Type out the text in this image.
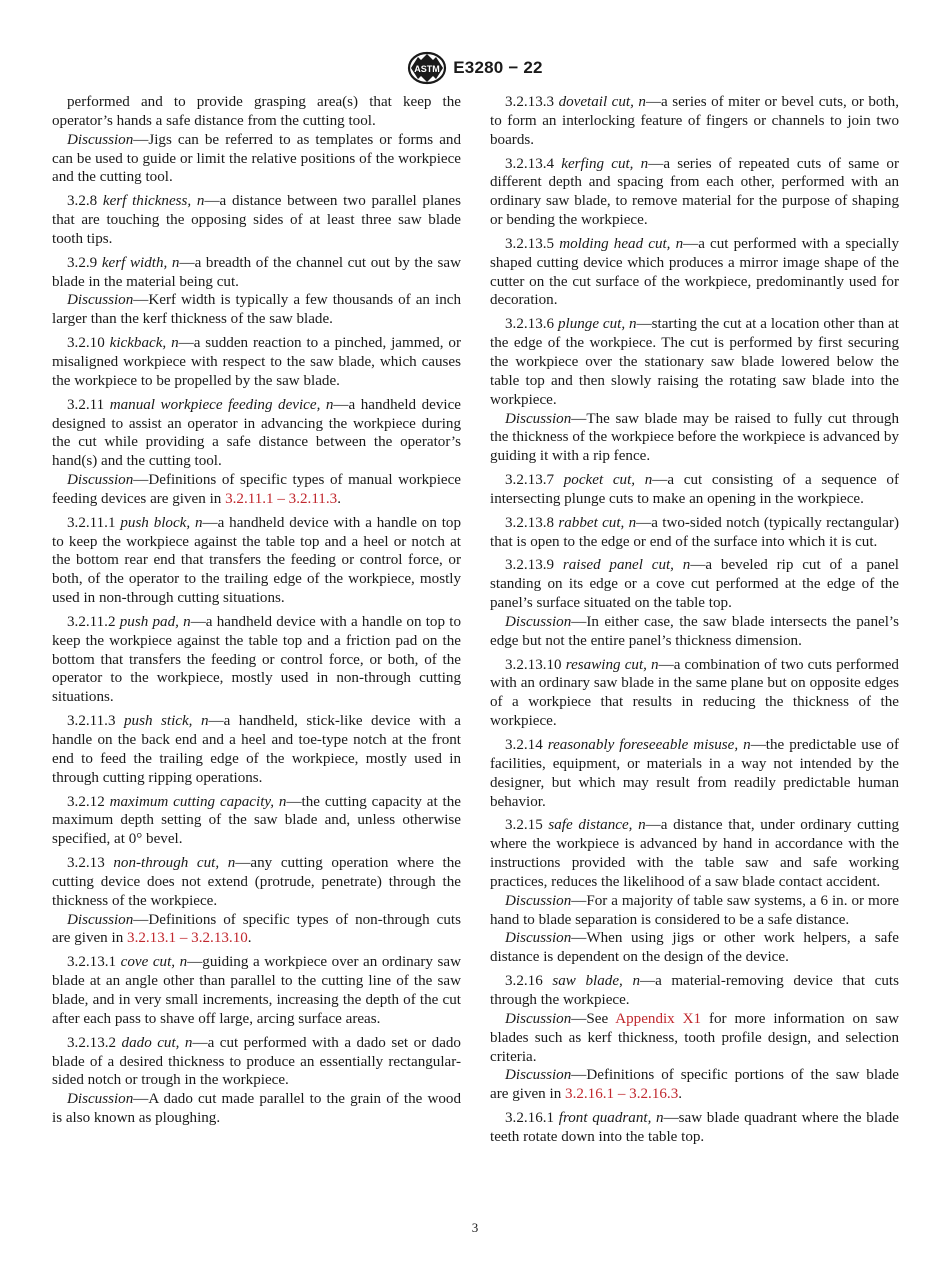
ASTM E3280 − 22

performed and to provide grasping area(s) that keep the operator’s hands a safe distance from the cutting tool.

Discussion—Jigs can be referred to as templates or forms and can be used to guide or limit the relative positions of the workpiece and the cutting tool.

3.2.8 kerf thickness, n—a distance between two parallel planes that are touching the opposing sides of at least three saw blade tooth tips.

3.2.9 kerf width, n—a breadth of the channel cut out by the saw blade in the material being cut.

Discussion—Kerf width is typically a few thousands of an inch larger than the kerf thickness of the saw blade.

3.2.10 kickback, n—a sudden reaction to a pinched, jammed, or misaligned workpiece with respect to the saw blade, which causes the workpiece to be propelled by the saw blade.

3.2.11 manual workpiece feeding device, n—a handheld device designed to assist an operator in advancing the workpiece during the cut while providing a safe distance between the operator’s hand(s) and the cutting tool.

Discussion—Definitions of specific types of manual workpiece feeding devices are given in 3.2.11.1 – 3.2.11.3.

3.2.11.1 push block, n—a handheld device with a handle on top to keep the workpiece against the table top and a heel or notch at the bottom rear end that transfers the feeding or control force, or both, of the operator to the trailing edge of the workpiece, mostly used in non-through cutting situations.

3.2.11.2 push pad, n—a handheld device with a handle on top to keep the workpiece against the table top and a friction pad on the bottom that transfers the feeding or control force, or both, of the operator to the workpiece, mostly used in non-through cutting situations.

3.2.11.3 push stick, n—a handheld, stick-like device with a handle on the back end and a heel and toe-type notch at the front end to feed the trailing edge of the workpiece, mostly used in through cutting ripping operations.

3.2.12 maximum cutting capacity, n—the cutting capacity at the maximum depth setting of the saw blade and, unless otherwise specified, at 0° bevel.

3.2.13 non-through cut, n—any cutting operation where the cutting device does not extend (protrude, penetrate) through the thickness of the workpiece.

Discussion—Definitions of specific types of non-through cuts are given in 3.2.13.1 – 3.2.13.10.

3.2.13.1 cove cut, n—guiding a workpiece over an ordinary saw blade at an angle other than parallel to the cutting line of the saw blade, and in very small increments, increasing the depth of the cut after each pass to shave off large, arcing surface areas.

3.2.13.2 dado cut, n—a cut performed with a dado set or dado blade of a desired thickness to produce an essentially rectangular-sided notch or trough in the workpiece.

Discussion—A dado cut made parallel to the grain of the wood is also known as ploughing.

3.2.13.3 dovetail cut, n—a series of miter or bevel cuts, or both, to form an interlocking feature of fingers or channels to join two boards.

3.2.13.4 kerfing cut, n—a series of repeated cuts of same or different depth and spacing from each other, performed with an ordinary saw blade, to remove material for the purpose of shaping or bending the workpiece.

3.2.13.5 molding head cut, n—a cut performed with a specially shaped cutting device which produces a mirror image shape of the cutter on the cut surface of the workpiece, predominantly used for decoration.

3.2.13.6 plunge cut, n—starting the cut at a location other than at the edge of the workpiece. The cut is performed by first securing the workpiece over the stationary saw blade lowered below the table top and then slowly raising the rotating saw blade into the workpiece.

Discussion—The saw blade may be raised to fully cut through the thickness of the workpiece before the workpiece is advanced by guiding it with a rip fence.

3.2.13.7 pocket cut, n—a cut consisting of a sequence of intersecting plunge cuts to make an opening in the workpiece.

3.2.13.8 rabbet cut, n—a two-sided notch (typically rectangular) that is open to the edge or end of the surface into which it is cut.

3.2.13.9 raised panel cut, n—a beveled rip cut of a panel standing on its edge or a cove cut performed at the edge of the panel’s surface situated on the table top.

Discussion—In either case, the saw blade intersects the panel’s edge but not the entire panel’s thickness dimension.

3.2.13.10 resawing cut, n—a combination of two cuts performed with an ordinary saw blade in the same plane but on opposite edges of a workpiece that results in reducing the thickness of the workpiece.

3.2.14 reasonably foreseeable misuse, n—the predictable use of facilities, equipment, or materials in a way not intended by the designer, but which may result from readily predictable human behavior.

3.2.15 safe distance, n—a distance that, under ordinary cutting where the workpiece is advanced by hand in accordance with the instructions provided with the table saw and safe working practices, reduces the likelihood of a saw blade contact accident.

Discussion—For a majority of table saw systems, a 6 in. or more hand to blade separation is considered to be a safe distance.

Discussion—When using jigs or other work helpers, a safe distance is dependent on the design of the device.

3.2.16 saw blade, n—a material-removing device that cuts through the workpiece.

Discussion—See Appendix X1 for more information on saw blades such as kerf thickness, tooth profile design, and selection criteria.

Discussion—Definitions of specific portions of the saw blade are given in 3.2.16.1 – 3.2.16.3.

3.2.16.1 front quadrant, n—saw blade quadrant where the blade teeth rotate down into the table top.

3
